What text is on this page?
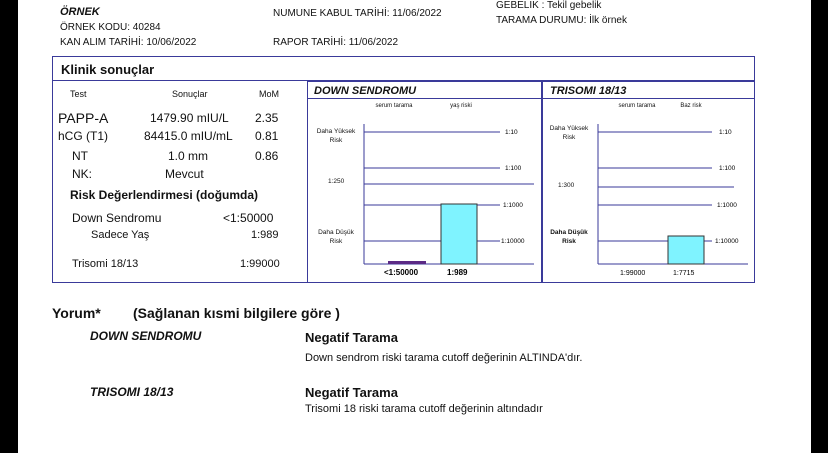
ÖRNEK
ÖRNEK KODU: 40284
KAN ALIM TARİHİ: 10/06/2022
NUMUNE KABUL TARİHİ: 11/06/2022
RAPOR TARİHİ: 11/06/2022
GEBELİK : Tekil gebelik
TARAMA DURUMU: İlk örnek
Klinik sonuçlar
Test	Sonuçlar	MoM
PAPP-A	1479.90 mIU/L 2.35
hCG (T1)	84415.0 mIU/mL 0.81
NT	1.0 mm	0.86
NK:	Mevcut
Risk Değerlendirmesi (doğumda)
Down Sendromu	<1:50000
Sadece Yaş	1:989
Trisomi 18/13	1:99000
DOWN SENDROMU
serum tarama	yaş riski
Daha Yüksek Risk
Daha Düşük Risk
1:250
1:10
1:100
1:1000
1:10000
<1:50000	1:989
TRISOMI 18/13
serum tarama	Baz risk
Daha Yüksek Risk
Daha Düşük Risk
1:300
1:10
1:100
1:1000
1:10000
1:99000	1:7715
Yorum* (Sağlanan kısmi bilgilere göre )
DOWN SENDROMU	Negatif Tarama
Down sendrom riski tarama cutoff değerinin ALTINDA'dır.
TRISOMI 18/13	Negatif Tarama
Trisomi 18 riski tarama cutoff değerinin altındadır
